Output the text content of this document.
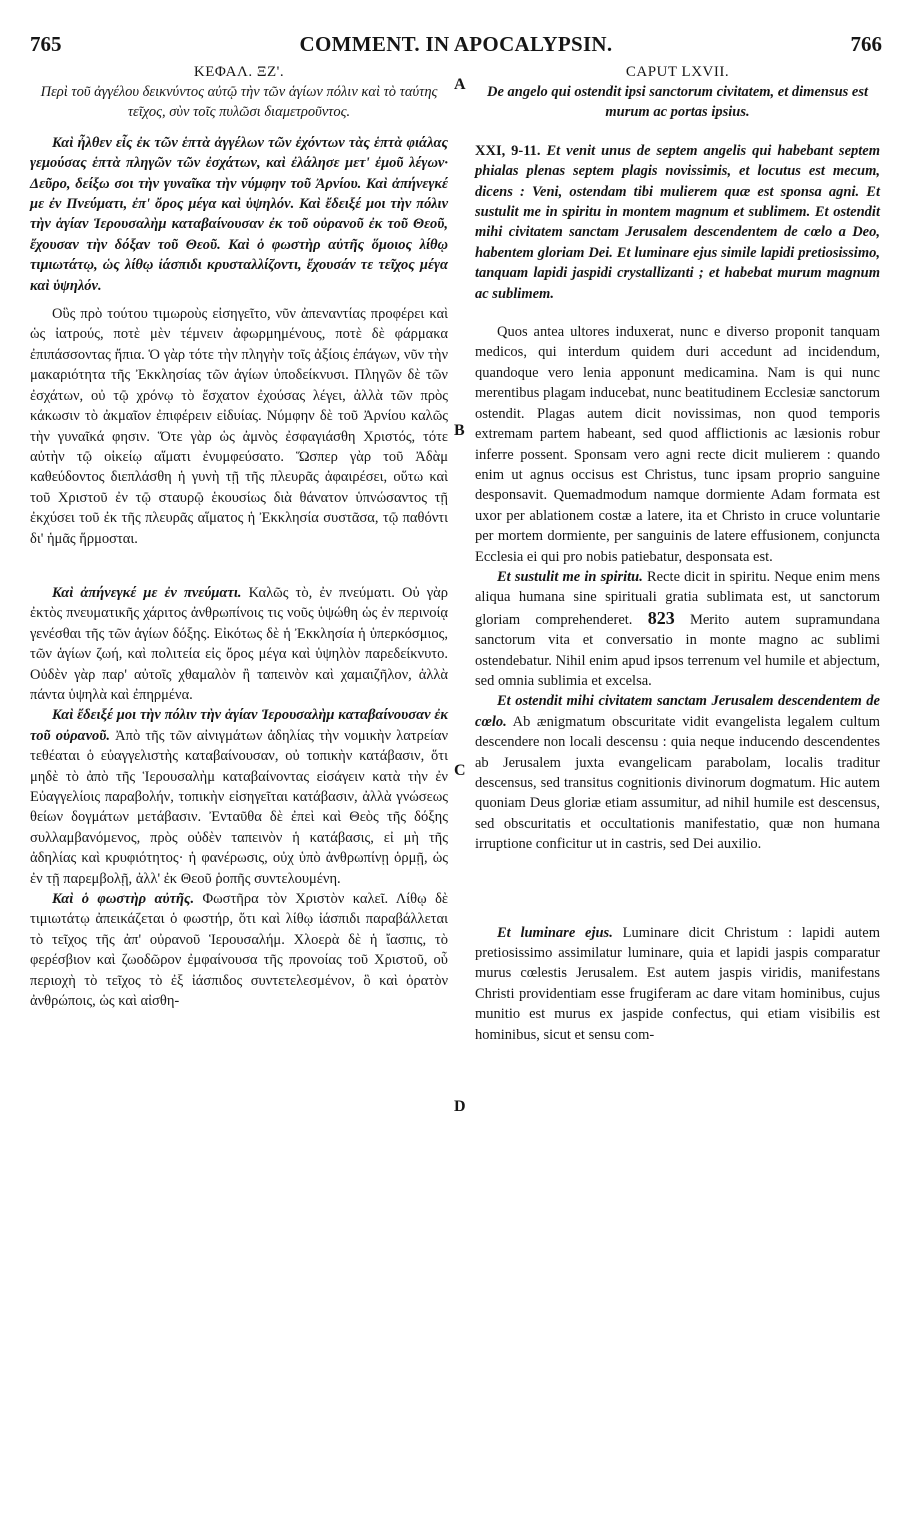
765	COMMENT. IN APOCALYPSIN.	766
A
B
C
D

ΚΕΦΑΛ. ΞΖ'.

Περὶ τοῦ ἀγγέλου δεικνύντος αὐτῷ τὴν τῶν ἁγίων πόλιν καὶ τὸ ταύτης τεῖχος, σὺν τοῖς πυλῶσι διαμετροῦντος.

Καὶ ἦλθεν εἷς ἐκ τῶν ἑπτὰ ἀγγέλων τῶν ἐχόντων τὰς ἑπτὰ φιάλας γεμούσας ἑπτὰ πληγῶν τῶν ἐσχάτων, καὶ ἐλάλησε μετ' ἐμοῦ λέγων· Δεῦρο, δείξω σοι τὴν γυναῖκα τὴν νύμφην τοῦ Ἀρνίου. Καὶ ἀπήνεγκέ με ἐν Πνεύματι, ἐπ' ὄρος μέγα καὶ ὑψηλόν. Καὶ ἔδειξέ μοι τὴν πόλιν τὴν ἁγίαν Ἱερουσαλὴμ καταβαίνουσαν ἐκ τοῦ οὐρανοῦ ἐκ τοῦ Θεοῦ, ἔχουσαν τὴν δόξαν τοῦ Θεοῦ. Καὶ ὁ φωστὴρ αὐτῆς ὅμοιος λίθῳ τιμιωτάτῳ, ὡς λίθῳ ἰάσπιδι κρυσταλλίζοντι, ἔχουσάν τε τεῖχος μέγα καὶ ὑψηλόν.

Οὓς πρὸ τούτου τιμωροὺς εἰσηγεῖτο, νῦν ἀπεναντίας προφέρει καὶ ὡς ἰατρούς, ποτὲ μὲν τέμνειν ἀφωρμημένους, ποτὲ δὲ φάρμακα ἐπιπάσσοντας ἤπια. Ὁ γὰρ τότε τὴν πληγὴν τοῖς ἀξίοις ἐπάγων, νῦν τὴν μακαριότητα τῆς Ἐκκλησίας τῶν ἁγίων ὑποδείκνυσι. Πληγῶν δὲ τῶν ἐσχάτων, οὐ τῷ χρόνῳ τὸ ἔσχατον ἐχούσας λέγει, ἀλλὰ τῶν πρὸς κάκωσιν τὸ ἀκμαῖον ἐπιφέρειν εἰδυίας. Νύμφην δὲ τοῦ Ἀρνίου καλῶς τὴν γυναῖκά φησιν. Ὅτε γὰρ ὡς ἀμνὸς ἐσφαγιάσθη Χριστός, τότε αὐτὴν τῷ οἰκείῳ αἵματι ἐνυμφεύσατο. Ὥσπερ γὰρ τοῦ Ἀδὰμ καθεύδοντος διεπλάσθη ἡ γυνὴ τῇ τῆς πλευρᾶς ἀφαιρέσει, οὕτω καὶ τοῦ Χριστοῦ ἐν τῷ σταυρῷ ἑκουσίως διὰ θάνατον ὑπνώσαντος τῇ ἐκχύσει τοῦ ἐκ τῆς πλευρᾶς αἵματος ἡ Ἐκκλησία συστᾶσα, τῷ παθόντι δι' ἡμᾶς ἥρμοσται.

Καὶ ἀπήνεγκέ με ἐν πνεύματι. Καλῶς τὸ, ἐν πνεύματι. Οὐ γὰρ ἐκτὸς πνευματικῆς χάριτος ἀνθρωπίνοις τις νοῦς ὑψώθη ὡς ἐν περινοίᾳ γενέσθαι τῆς τῶν ἁγίων δόξης. Εἰκότως δὲ ἡ Ἐκκλησία ἡ ὑπερκόσμιος, τῶν ἁγίων ζωή, καὶ πολιτεία εἰς ὄρος μέγα καὶ ὑψηλὸν παρεδείκνυτο. Οὐδὲν γὰρ παρ' αὐτοῖς χθαμαλὸν ἢ ταπεινὸν καὶ χαμαιζῆλον, ἀλλὰ πάντα ὑψηλὰ καὶ ἐπηρμένα.

Καὶ ἔδειξέ μοι τὴν πόλιν τὴν ἁγίαν Ἱερουσαλὴμ καταβαίνουσαν ἐκ τοῦ οὐρανοῦ. Ἀπὸ τῆς τῶν αἰνιγμάτων ἀδηλίας τὴν νομικὴν λατρείαν τεθέαται ὁ εὐαγγελιστὴς καταβαίνουσαν, οὐ τοπικὴν κατάβασιν, ὅτι μηδὲ τὸ ἀπὸ τῆς Ἱερουσαλὴμ καταβαίνοντας εἰσάγειν κατὰ τὴν ἐν Εὐαγγελίοις παραβολήν, τοπικὴν εἰσηγεῖται κατάβασιν, ἀλλὰ γνώσεως θείων δογμάτων μετάβασιν. Ἐνταῦθα δὲ ἐπεὶ καὶ Θεὸς τῆς δόξης συλλαμβανόμενος, πρὸς οὐδὲν ταπεινὸν ἡ κατάβασις, εἰ μὴ τῆς ἀδηλίας καὶ κρυφιότητος· ἡ φανέρωσις, οὐχ ὑπὸ ἀνθρωπίνῃ ὁρμῇ, ὡς ἐν τῇ παρεμβολῇ, ἀλλ' ἐκ Θεοῦ ῥοπῆς συντελουμένη.

Καὶ ὁ φωστὴρ αὐτῆς. Φωστῆρα τὸν Χριστὸν καλεῖ. Λίθῳ δὲ τιμιωτάτῳ ἀπεικάζεται ὁ φωστήρ, ὅτι καὶ λίθῳ ἰάσπιδι παραβάλλεται τὸ τεῖχος τῆς ἀπ' οὐρανοῦ Ἱερουσαλήμ. Χλοερὰ δὲ ἡ ἴασπις, τὸ φερέσβιον καὶ ζωοδῶρον ἐμφαίνουσα τῆς προνοίας τοῦ Χριστοῦ, οὗ περιοχὴ τὸ τεῖχος τὸ ἐξ ἰάσπιδος συντετελεσμένον, ὃ καὶ ὁρατὸν ἀνθρώποις, ὡς καὶ αἰσθη-

CAPUT LXVII.

De angelo qui ostendit ipsi sanctorum civitatem, et dimensus est murum ac portas ipsius.

XXI, 9-11. Et venit unus de septem angelis qui habebant septem phialas plenas septem plagis novissimis, et locutus est mecum, dicens : Veni, ostendam tibi mulierem quæ est sponsa agni. Et sustulit me in spiritu in montem magnum et sublimem. Et ostendit mihi civitatem sanctam Jerusalem descendentem de cœlo a Deo, habentem gloriam Dei. Et luminare ejus simile lapidi pretiosissimo, tanquam lapidi jaspidi crystallizanti ; et habebat murum magnum ac sublimem.

Quos antea ultores induxerat, nunc e diverso proponit tanquam medicos, qui interdum quidem duri accedunt ad incidendum, quandoque vero lenia apponunt medicamina. Nam is qui nunc merentibus plagam inducebat, nunc beatitudinem Ecclesiæ sanctorum ostendit. Plagas autem dicit novissimas, non quod temporis extremam partem habeant, sed quod afflictionis ac læsionis robur inferre possent. Sponsam vero agni recte dicit mulierem : quando enim ut agnus occisus est Christus, tunc ipsam proprio sanguine desponsavit. Quemadmodum namque dormiente Adam formata est uxor per ablationem costæ a latere, ita et Christo in cruce voluntarie per mortem dormiente, per sanguinis de latere effusionem, conjuncta Ecclesia ei qui pro nobis patiebatur, desponsata est.

Et sustulit me in spiritu. Recte dicit in spiritu. Neque enim mens aliqua humana sine spirituali gratia sublimata est, ut sanctorum gloriam comprehenderet. 823 Merito autem supramundana sanctorum vita et conversatio in monte magno ac sublimi ostendebatur. Nihil enim apud ipsos terrenum vel humile et abjectum, sed omnia sublimia et excelsa.

Et ostendit mihi civitatem sanctam Jerusalem descendentem de cœlo. Ab ænigmatum obscuritate vidit evangelista legalem cultum descendere non locali descensu : quia neque inducendo descendentes ab Jerusalem juxta evangelicam parabolam, localis traditur descensus, sed transitus cognitionis divinorum dogmatum. Hic autem quoniam Deus gloriæ etiam assumitur, ad nihil humile est descensus, sed obscuritatis et occultationis manifestatio, quæ non humana irruptione conficitur ut in castris, sed Dei auxilio.

Et luminare ejus. Luminare dicit Christum : lapidi autem pretiosissimo assimilatur luminare, quia et lapidi jaspis comparatur murus cœlestis Jerusalem. Est autem jaspis viridis, manifestans Christi providentiam esse frugiferam ac dare vitam hominibus, cujus munitio est murus ex jaspide confectus, qui etiam visibilis est hominibus, sicut et sensu com-
